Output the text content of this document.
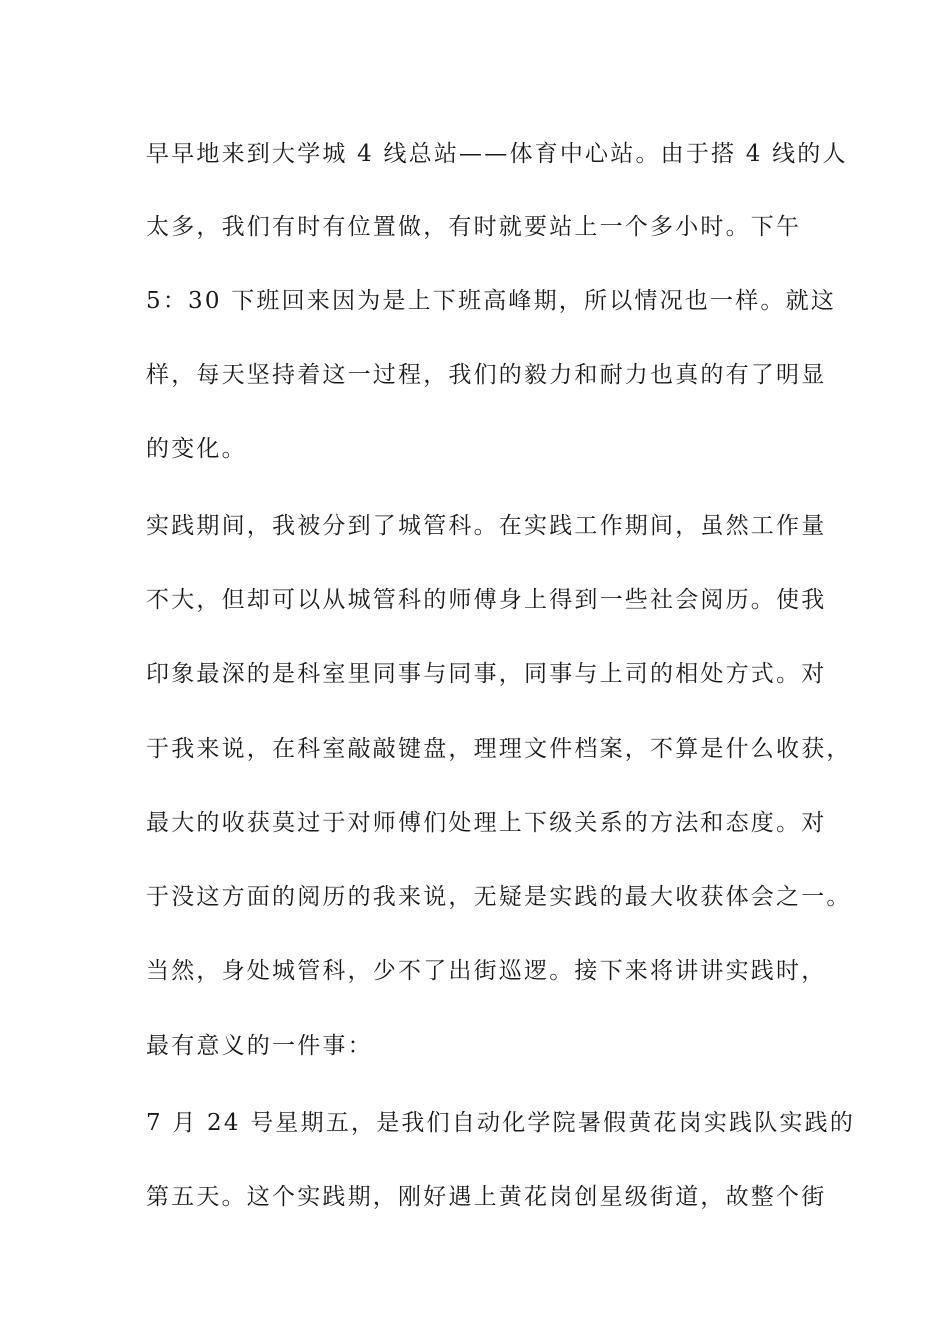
早早地来到大学城 4 线总站——体育中心站。由于搭 4 线的人
太多，我们有时有位置做，有时就要站上一个多小时。下午
5：30 下班回来因为是上下班高峰期，所以情况也一样。就这
样，每天坚持着这一过程，我们的毅力和耐力也真的有了明显
的变化。
实践期间，我被分到了城管科。在实践工作期间，虽然工作量
不大，但却可以从城管科的师傅身上得到一些社会阅历。使我
印象最深的是科室里同事与同事，同事与上司的相处方式。对
于我来说，在科室敲敲键盘，理理文件档案，不算是什么收获，
最大的收获莫过于对师傅们处理上下级关系的方法和态度。对
于没这方面的阅历的我来说，无疑是实践的最大收获体会之一。
当然，身处城管科，少不了出街巡逻。接下来将讲讲实践时，
最有意义的一件事：
7 月 24 号星期五，是我们自动化学院暑假黄花岗实践队实践的
第五天。这个实践期，刚好遇上黄花岗创星级街道，故整个街
